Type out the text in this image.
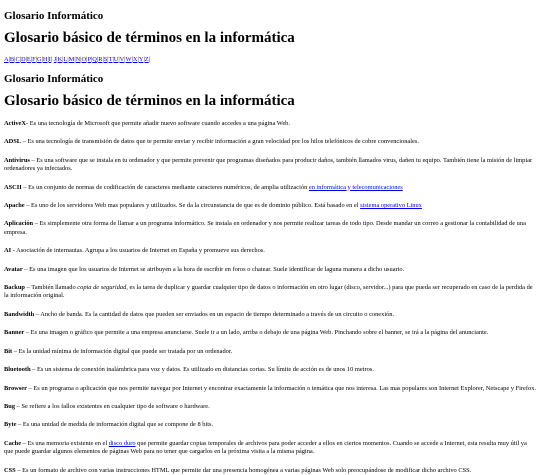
Glosario Informático
Glosario básico de términos en la informática
A|B|C|D|E|F|G|H|I| J|K|L|M|N|O|P|Q|R|S|T|U|V|W|X|Y|Z|
Glosario Informático
Glosario básico de términos en la informática

ActiveX- Es una tecnología de Microsoft que permite añadir nuevo software cuando accedes a una página Web.

ADSL – Es una tecnología de transmisión de datos que te permite enviar y recibir información a gran velocidad por los hilos telefónicos de cobre convencionales.

Antivirus – Es una software que se instala en tu ordenador y que permite prevenir que programas diseñados para producir daños, también llamados virus, dañen tu equipo. También tiene la misión de limpiar ordenadores ya infectados.

ASCII – Es un conjunto de normas de codificación de caracteres mediante caracteres numéricos, de amplia utilización en informática y telecomunicaciones

Apache – Es uno de los servidores Web mas populares y utilizados. Se da la circunstancia de que es de dominio público. Está basado en el sistema operativo Linux

Aplicación – Es simplemente otra forma de llamar a un programa informático. Se instala en ordenador y nos permite realizar tareas de todo tipo. Desde mandar un correo a gestionar la contabilidad de una empresa.

AI - Asociación de internautas. Agrupa a los usuarios de Internet en España y promueve sus derechos.

Avatar – Es una imagen que los usuarios de Internet se atribuyen a la hora de escribir en foros o chatear. Suele identificar de laguna manera a dicho usuario.

Backup – También llamado copia de seguridad, es la tarea de duplicar y guardar cualquier tipo de datos o información en otro lugar (disco, servidor...) para que pueda ser recuperado en caso de la perdida de la información original.

Bandwidth – Ancho de banda. Es la cantidad de datos que pueden ser enviados en un espacio de tiempo determinado a través de un circuito o conexión.

Banner – Es una imagen o gráfico que permite a una empresa anunciarse. Suele ir a un lado, arriba o debajo de una página Web. Pinchando sobre el banner, se irá a la página del anunciante.

Bit – Es la unidad mínima de información digital que puede ser tratada por un ordenador.

Bluetooth – Es un sistema de conexión inalámbrica para voz y datos. Es utilizado en distancias cortas. Su límite de acción es de unos 10 metros.

Browser – Es un programa o aplicación que nos permite navegar por Internet y encontrar exactamente la información o temática que nos interesa. Las mas populares son Internet Explorer, Netscape y Firefox.

Bug – Se refiere a los fallos existentes en cualquier tipo de software o hardware.

Byte – Es una unidad de medida de información digital que se compone de 8 bits.

Cache – Es una memoria existente en el disco duro que permite guardar copias temporales de archivos para poder acceder a ellos en ciertos momentos. Cuando se accede a Internet, esta resulta muy útil ya que puede guardar algunos elementos de páginas Web para no tener que cargarlos en la próxima visita a la misma página.

CSS – Es un formato de archivo con varias instrucciones HTML que permite dar una presencia homogénea a varias páginas Web solo preocupándose de modificar dicho archivo CSS.
